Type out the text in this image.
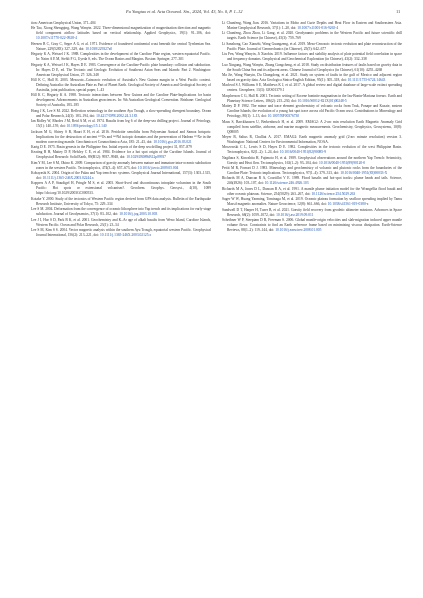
Fu Yongtao et al. Acta Oceanol. Sin., 2024, Vol. 43, No. 0, P. 1–12	11

tion: American Geophysical Union, 371–404

He Tao, Xiong Shengqing, Wang Wanyin. 2022. Three-dimensional magnetization of magnetization direction and magnetic field component airflow latitudes based on vertical relationship. Applied Geophysics, 19(1): 91–106, doi: 10.1007/s11770-022-0928-4

Heezen B C, Gray C, Segre A G, et al. 1971. Evidence of foundered continental crust beneath the central Tyrrhenian Sea. Nature, 229(5283): 327–329, doi: 10.1038/229327a0

Hegarty K A, Weissel J K. 1988. Complexities in the development of the Caroline Plate region, western equatorial Pacific. In: Nairn A E M, Stehli F G, Uyeda S, eds. The Ocean Basins and Margins. Boston: Springer, 277–301

Hegarty K A, Weissel J K, Hayes D E. 1983. Convergence at the Caroline-Pacific plate boundary: collision and subduction. In: Hayes D E, ed. The Tectonic and Geologic Evolution of Southeast Asian Seas and Islands: Part 2. Washington: American Geophysical Union, 27: 326–348

Hill K C, Hall R. 2003. Mesozoic–Cainozoic evolution of Australia’s New Guinea margin in a West Pacific context. Defining Australia: the Australian Plate as Part of Planet Earth. Geological Society of America and Geological Society of Australia, joint publication, special paper, 1–43

Hill K C, Hegarty K A. 1988. Tectonic interactions between New Guinea and the Caroline Plate-Implications for basin development. Advancements in Australian geosciences. In: 9th Australian Geological Convention. Brisbane: Geological Society of Australia, 183–185

Hong J K, Lee S M. 2022. Reflection seismology in the southern Ayu Trough, a slow-spreading divergent boundary. Ocean and Polar Research, 24(3): 183–194, doi: 10.4217/OPR.2002.24.3.183

Ian Ridley W, Rhodes J M, Reid A M, et al. 1974. Basalts from leg 6 of the deep-sea drilling project. Journal of Petrology, 15(1): 140–159, doi: 10.1093/petrology/15.1.140

Jackson M G, Shirey S B, Hauri E H, et al. 2016. Peridotite xenoliths from Polynesian Austral and Samoa hotspots: Implications for the destruction of ancient ¹⁸⁷Os and ¹⁴³Nd isotopic domains and the preservation of Hadean ¹²⁹Xe in the modern convecting mantle. Geochimica et Cosmochimica Acta, 185: 21–43, doi: 10.1016/j.gca.2016.03.021

Karig D E. 1975. Basin genesis in the Philippine Sea. Initial reports of the deep sea drilling project 31, 857–879

Keating B H, Mattey D P, Helsley C E, et al. 1984. Evidence for a hot spot origin of the Caroline Islands. Journal of Geophysical Research: Solid Earth, 89(B12): 9937–9948, doi: 10.1029/JB089iB12p09937

Kim Y M, Lee S M, Okino K. 2009. Comparison of gravity anomaly between mature and immature intra-oceanic subduction zones in the western Pacific. Tectonophysics, 474(3–4): 657–673, doi: 10.1016/j.tecto.2009.05.004

Kobayashi K. 2004. Origin of the Palau and Yap trench-arc systems. Geophysical Journal International, 157(3): 1303–1315, doi: 10.1111/j.1365-246X.2003.02244.x

Koppers A A P, Staudigel H, Pringle M S, et al. 2003. Short-lived and discontinuous intraplate volcanism in the South Pacific: Hot spots or extensional volcanism?. Geochem. Geophys. Geosyst., 4(10), 1089 https://doi.org/10.1029/2003GC000533.

Kotake Y. 2000. Study of the tectonics of Western Pacific region derived from GPS data analysis. Bulletin of the Earthquake Research Institute, University of Tokyo, 75: 229–334

Lee S M. 2004. Deformation from the convergence of oceanic lithosphere into Yap trench and its implications for early-stage subduction. Journal of Geodynamics, 37(1): 83–102, doi: 10.1016/j.jog.2003.10.003

Lee J I, Hur S D, Park B K, et al. 2001. Geochemistry and K–Ar age of alkali basalts from Weno Island, Caroline Islands, Western Pacific. Ocean and Polar Research, 23(1): 23–34

Lee S M, Kim S S. 2004. Vector magnetic analysis within the southern Ayu Trough, equatorial western Pacific. Geophysical Journal International, 156(2): 213–221, doi: 10.1111/j.1365-246X.2003.02125.x

Li Chunfeng, Wang Jian. 2016. Variations in Moho and Curie Depths and Heat Flow in Eastern and Southeastern Asia. Marine Geophysical Research, 37(1): 1–20, doi: 10.1007/s11001-016-9265-4

Li Chunfeng, Zhou Zhou, Li Gang, et al. 2020. Geodynamic problems in the Western Pacific and future scientific drill targets. Earth Science (in Chinese), 45(3): 759–769

Li Sanzhong, Cao Xianzhi, Wang Guangzeng, et al. 2019. Meso-Cenozoic tectonic evolution and plate reconstruction of the Pacific Plate. Journal of Geomechanics (in Chinese), 25(5): 642–677

Liu Fen, Wang Wanyin, Ji Xiaobin. 2019. Influence factors and stability analysis of plate potential field correlation in space and frequency domains. Geophysical and Geochemical Exploration (in Chinese), 43(2): 332–338

Luo Xingang, Wang Wanyin, Zhang Gongcheng, et al. 2018. Study on distribution features of faults based on gravity data in the South China Sea and its adjacent areas. Chinese Journal of Geophysics (in Chinese), 61(10): 4255–4268

Ma Jie, Wang Wanyin, Du Changdong, et al. 2021. Study on system of faults in the gulf of Mexico and adjacent region based on gravity data. Acta Geologica Sinica-English Edition, 95(1): 305–318, doi: 10.1111/1755-6724.14643

Macleod S J, Williams S E, Matthews K J, et al. 2017. A global review and digital database of large-scale extinct spreading centers. Geosphere, 13(3): GES01379.1

Macpherson C G, Hall R. 2001. Tectonic setting of Eocene boninite magmatism in the Izu-Bonin-Mariana forearc. Earth and Planetary Science Letters, 186(2): 215–230, doi: 10.1016/S0012-821X(01)00248-5

Mattey D P. 1982. The minor and trace element geochemistry of volcanic rocks from Truk, Ponape and Kusaie, eastern Caroline Islands; the evolution of a young hot spot trace across old Pacific Ocean crust. Contributions to Mineralogy and Petrology, 80(1): 1–13, doi: 10.1007/BF00376730

Maus S, Barckhausen U, Berkenbosch H, et al. 2009. EMAG2: A 2-arc min resolution Earth Magnetic Anomaly Grid compiled from satellite, airborne, and marine magnetic measurements. Geochemistry, Geophysics, Geosystems, 10(8): Q08005

Meyer B, Saltus R, Chulliat A. 2017. EMAG2: Earth magnetic anomaly grid (2-arc minute resolution) version 3. Washington: National Centers for Environmental Information, NOAA.

Mrozowski C L, Lewis S D, Hayes D E. 1982. Complexities in the tectonic evolution of the west Philippine Basin. Tectonophysics, 82(1–2): 1–24, doi: 10.1016/0040-1951(82)90085-9

Nagihara S, Kinoshita H, Fujimoto H, et al. 1989. Geophysical observations around the northern Yap Trench: Seismicity, Gravity and Heat flow. Tectonophysics, 163(1–2): 93–104, doi: 10.1016/0040-1951(89)90120-0

Pettit M R, Fornari D J. 1983. Mineralogy and geochemistry of volcanic and plutonic rocks from the boundaries of the Caroline Plate: Tectonic implications. Tectonophysics, 97(1–4): 379–313, doi: 10.1016/0040-1951(83)90033-X

Richards M A, Duncan R A, Courtillot V E. 1989. Flood basalts and hot-spot tracks: plume heads and tails. Science, 246(4926): 103–107, doi: 10.1126/science.246.4926.103

Richards M A, Jones D L, Duncan R A, et al. 1991. A mantle plume initiation model for the Wrangellia flood basalt and other oceanic plateaus. Science, 254(5029): 263–267, doi: 10.1126/science.254.5029.263

Sager W W, Huang Yanming, Tominaga M, et al. 2019. Oceanic plateau formation by seafloor spreading implied by Tamu Massif magnetic anomalies. Nature Geoscience, 12(8): 661–666, doi: 10.1038/s41561-019-0380-z

Sandwell D T, Harper H, Tozer B, et al. 2021. Gravity field recovery from geodetic altimeter missions. Advances in Space Research, 68(2): 1059–1072, doi: 10.1016/j.asr.2019.09.011

Scheibner W P, Steepiam D R, Freeman S. 2006. Global mantle-origin velocities and slab-migration induced upper mantle volume flows: Constraints to find an Earth reference frame based on minimizing viscous dissipation. Earth-Science Reviews, 88(1–2): 119–144, doi: 10.1016/j.earscirev.2008.01.005
